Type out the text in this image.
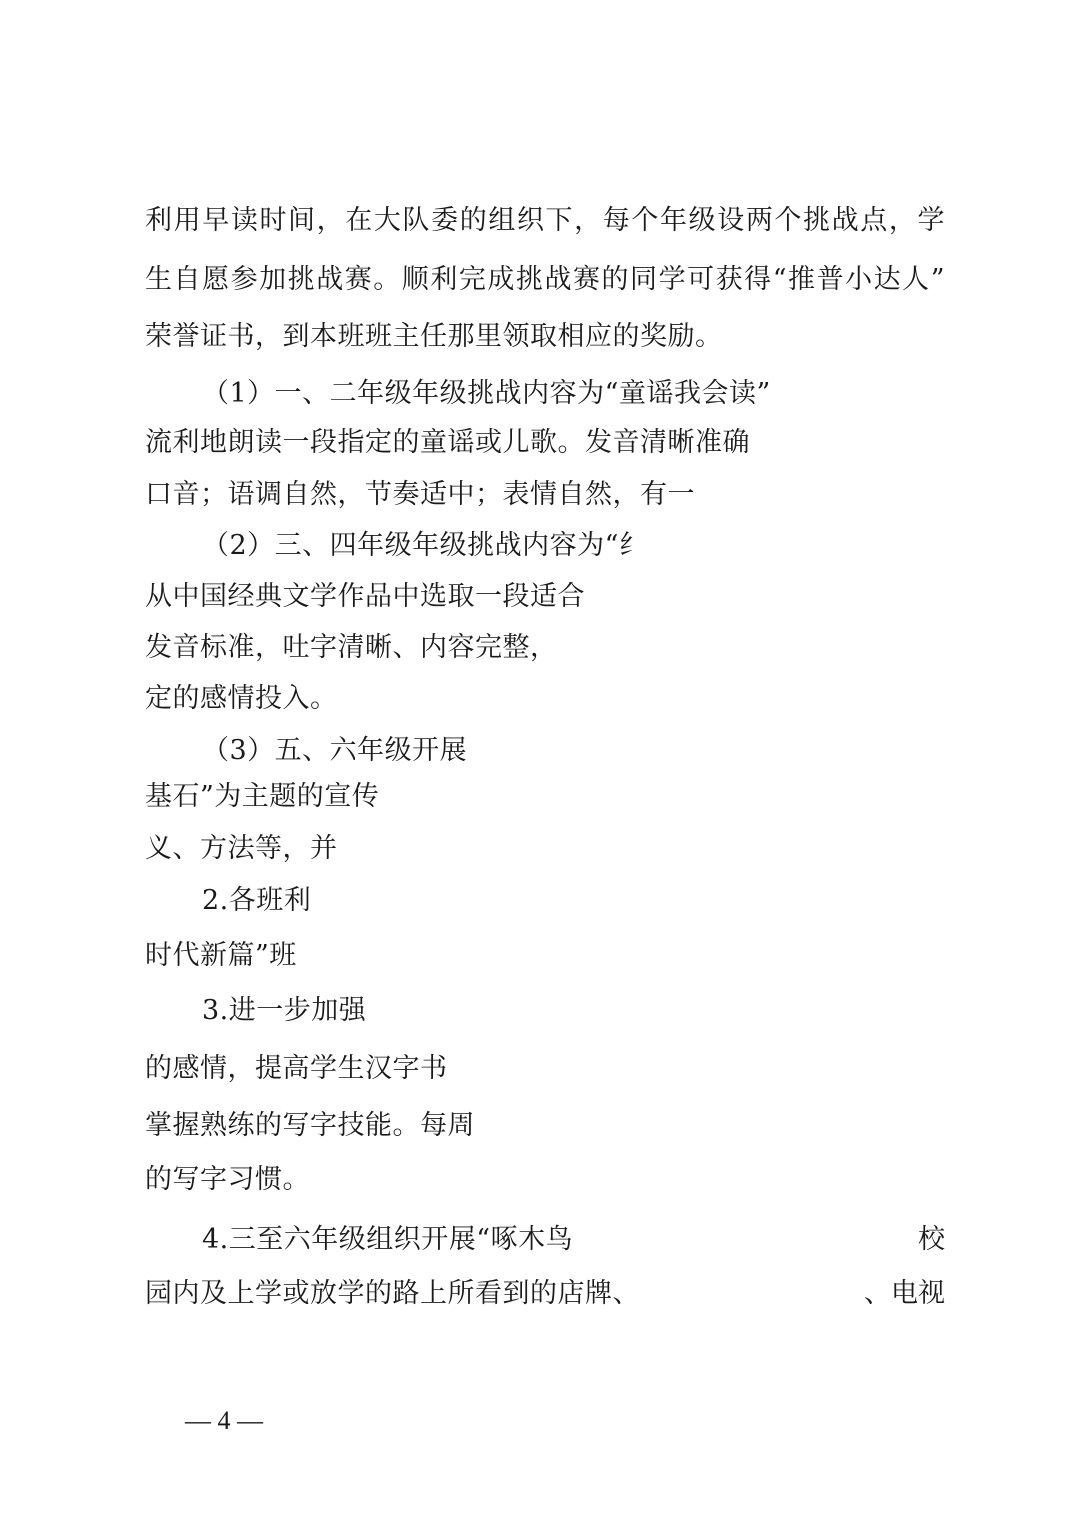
利用早读时间，在大队委的组织下，每个年级设两个挑战点，学
生自愿参加挑战赛。顺利完成挑战赛的同学可获得“推普小达人”
荣誉证书，到本班班主任那里领取相应的奖励。
（1）一、二年级年级挑战内容为“童谣我会读”
流利地朗读一段指定的童谣或儿歌。发音清晰准确
口音；语调自然，节奏适中；表情自然，有一
（2）三、四年级年级挑战内容为“纟
从中国经典文学作品中选取一段适合
发音标准，吐字清晰、内容完整，
定的感情投入。
（3）五、六年级开展
基石”为主题的宣传
义、方法等，并
2.各班利
时代新篇”班
3.进一步加强
的感情，提高学生汉字书
掌握熟练的写字技能。每周
的写字习惯。
4.三至六年级组织开展“啄木鸟	校
园内及上学或放学的路上所看到的店牌、	、电视
— 4 —
